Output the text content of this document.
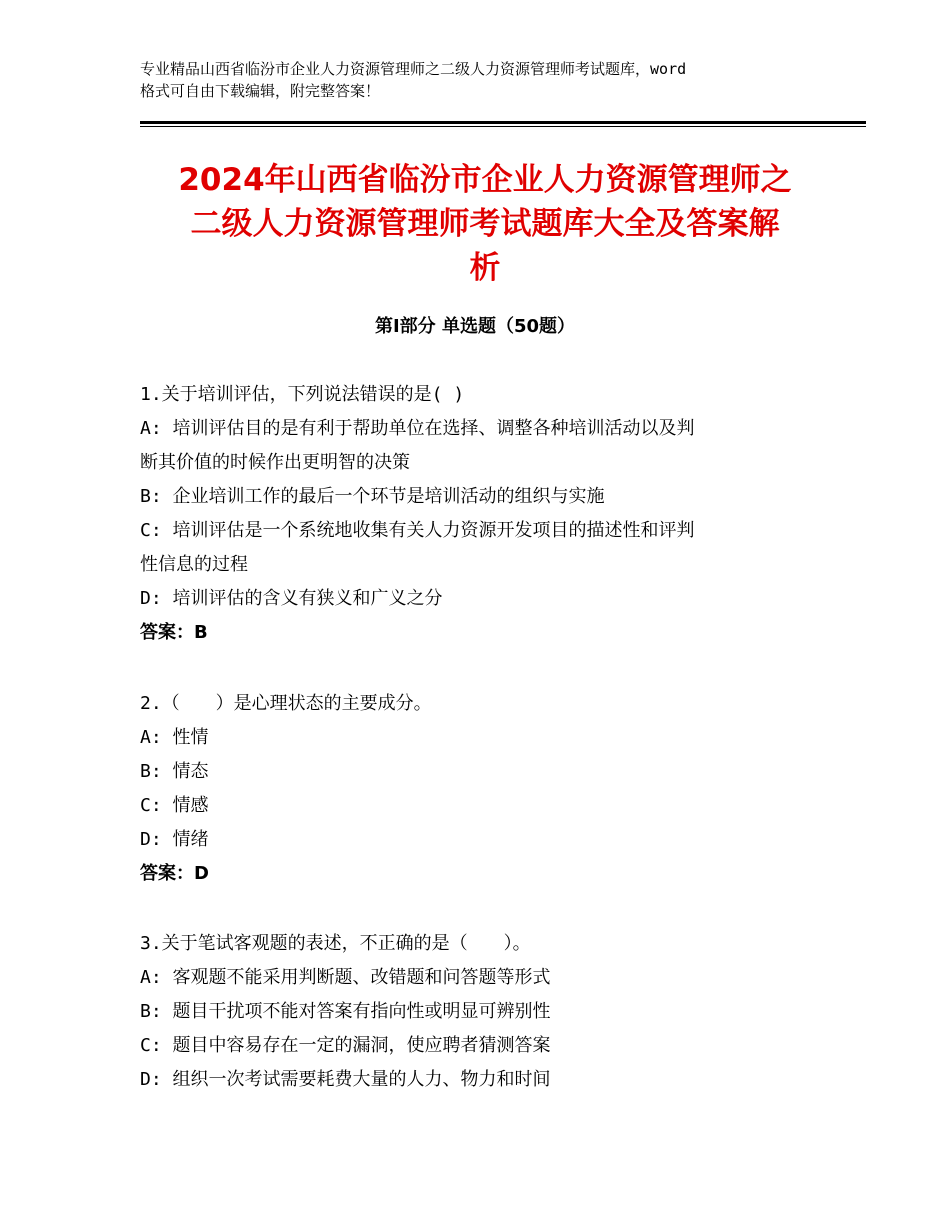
专业精品山西省临汾市企业人力资源管理师之二级人力资源管理师考试题库，word
格式可自由下载编辑，附完整答案！
2024年山西省临汾市企业人力资源管理师之
二级人力资源管理师考试题库大全及答案解
析
第Ⅰ部分 单选题（50题）
1.关于培训评估，下列说法错误的是( )
A: 培训评估目的是有利于帮助单位在选择、调整各种培训活动以及判
断其价值的时候作出更明智的决策
B: 企业培训工作的最后一个环节是培训活动的组织与实施
C: 培训评估是一个系统地收集有关人力资源开发项目的描述性和评判
性信息的过程
D: 培训评估的含义有狭义和广义之分
答案：B
2.（　　）是心理状态的主要成分。
A: 性情
B: 情态
C: 情感
D: 情绪
答案：D
3.关于笔试客观题的表述，不正确的是（　　）。
A: 客观题不能采用判断题、改错题和问答题等形式
B: 题目干扰项不能对答案有指向性或明显可辨别性
C: 题目中容易存在一定的漏洞，使应聘者猜测答案
D: 组织一次考试需要耗费大量的人力、物力和时间
